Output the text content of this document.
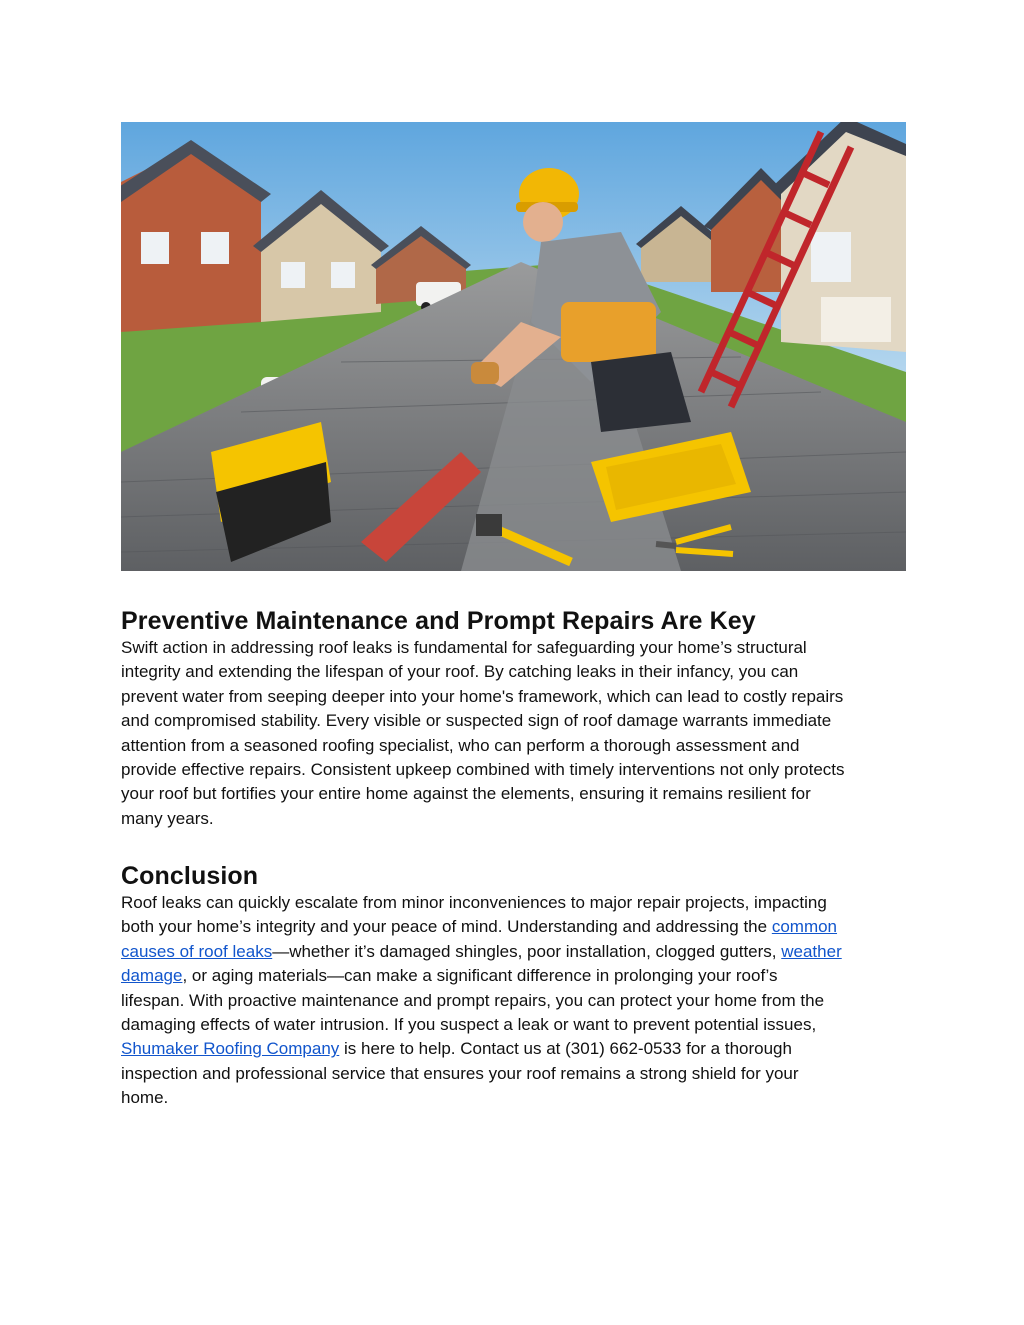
Preventive Maintenance and Prompt Repairs Are Key
Swift action in addressing roof leaks is fundamental for safeguarding your home’s structural
integrity and extending the lifespan of your roof. By catching leaks in their infancy, you can
prevent water from seeping deeper into your home's framework, which can lead to costly repairs
and compromised stability. Every visible or suspected sign of roof damage warrants immediate
attention from a seasoned roofing specialist, who can perform a thorough assessment and
provide effective repairs. Consistent upkeep combined with timely interventions not only protects
your roof but fortifies your entire home against the elements, ensuring it remains resilient for
many years.
Conclusion
Roof leaks can quickly escalate from minor inconveniences to major repair projects, impacting
both your home’s integrity and your peace of mind. Understanding and addressing the common
causes of roof leaks—whether it’s damaged shingles, poor installation, clogged gutters, weather
damage, or aging materials—can make a significant difference in prolonging your roof’s
lifespan. With proactive maintenance and prompt repairs, you can protect your home from the
damaging effects of water intrusion. If you suspect a leak or want to prevent potential issues,
Shumaker Roofing Company is here to help. Contact us at (301) 662-0533 for a thorough
inspection and professional service that ensures your roof remains a strong shield for your
home.
